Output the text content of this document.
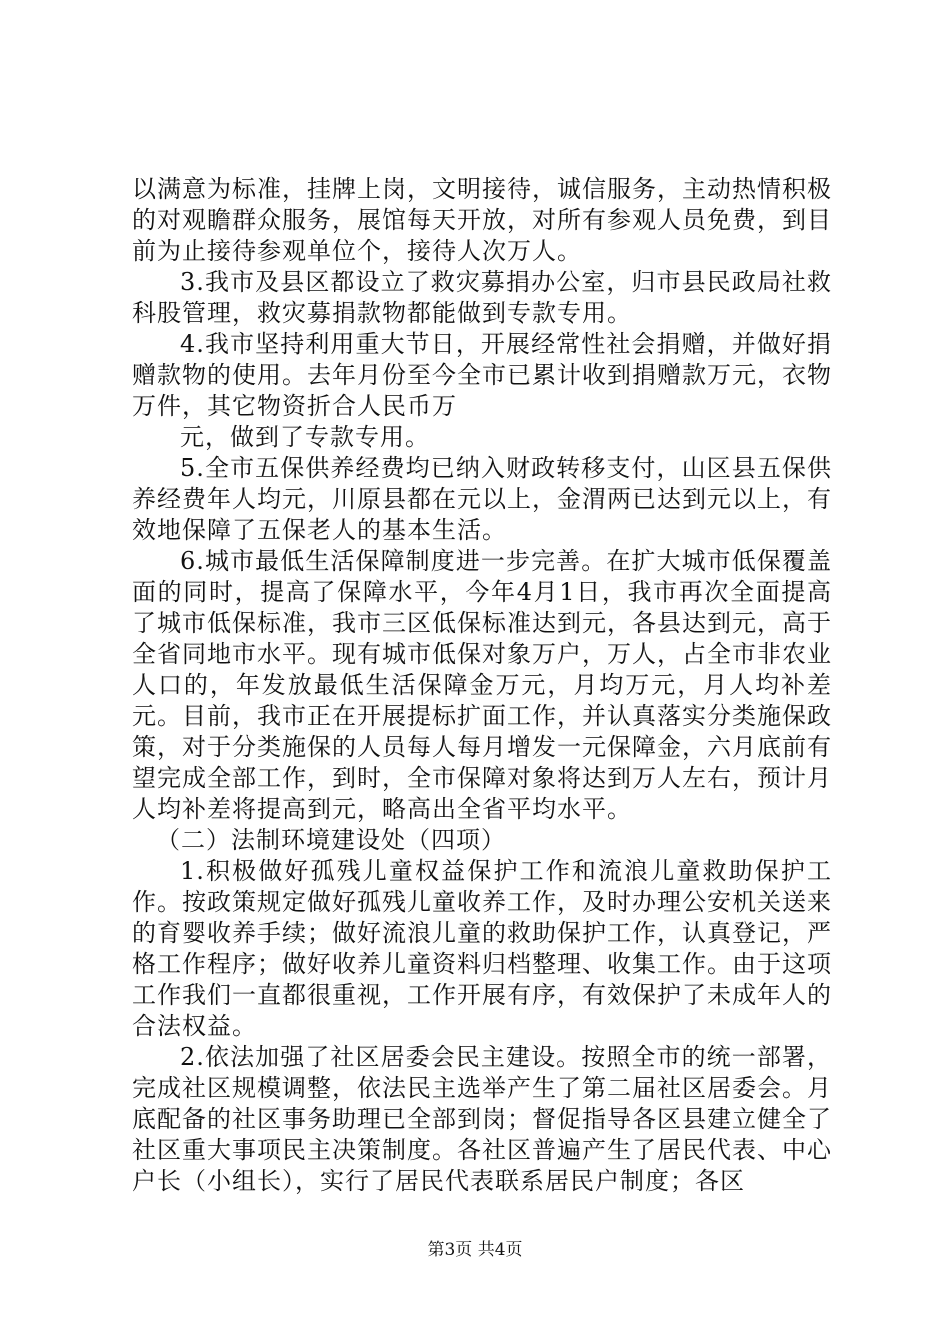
以满意为标准，挂牌上岗，文明接待，诚信服务，主动热情积极的对观瞻群众服务，展馆每天开放，对所有参观人员免费，到目前为止接待参观单位个，接待人次万人。

3.我市及县区都设立了救灾募捐办公室，归市县民政局社救科股管理，救灾募捐款物都能做到专款专用。

4.我市坚持利用重大节日，开展经常性社会捐赠，并做好捐赠款物的使用。去年月份至今全市已累计收到捐赠款万元，衣物万件，其它物资折合人民币万

元，做到了专款专用。

5.全市五保供养经费均已纳入财政转移支付，山区县五保供养经费年人均元，川原县都在元以上，金渭两已达到元以上，有效地保障了五保老人的基本生活。

6.城市最低生活保障制度进一步完善。在扩大城市低保覆盖面的同时，提高了保障水平，今年4月1日，我市再次全面提高了城市低保标准，我市三区低保标准达到元，各县达到元，高于全省同地市水平。现有城市低保对象万户，万人，占全市非农业人口的，年发放最低生活保障金万元，月均万元，月人均补差元。目前，我市正在开展提标扩面工作，并认真落实分类施保政策，对于分类施保的人员每人每月增发一元保障金，六月底前有望完成全部工作，到时，全市保障对象将达到万人左右，预计月人均补差将提高到元，略高出全省平均水平。

（二）法制环境建设处（四项）

1.积极做好孤残儿童权益保护工作和流浪儿童救助保护工作。按政策规定做好孤残儿童收养工作，及时办理公安机关送来的育婴收养手续；做好流浪儿童的救助保护工作，认真登记，严格工作程序；做好收养儿童资料归档整理、收集工作。由于这项工作我们一直都很重视，工作开展有序，有效保护了未成年人的合法权益。

2.依法加强了社区居委会民主建设。按照全市的统一部署，完成社区规模调整，依法民主选举产生了第二届社区居委会。月底配备的社区事务助理已全部到岗；督促指导各区县建立健全了社区重大事项民主决策制度。各社区普遍产生了居民代表、中心户长（小组长），实行了居民代表联系居民户制度；各区

第3页 共4页
